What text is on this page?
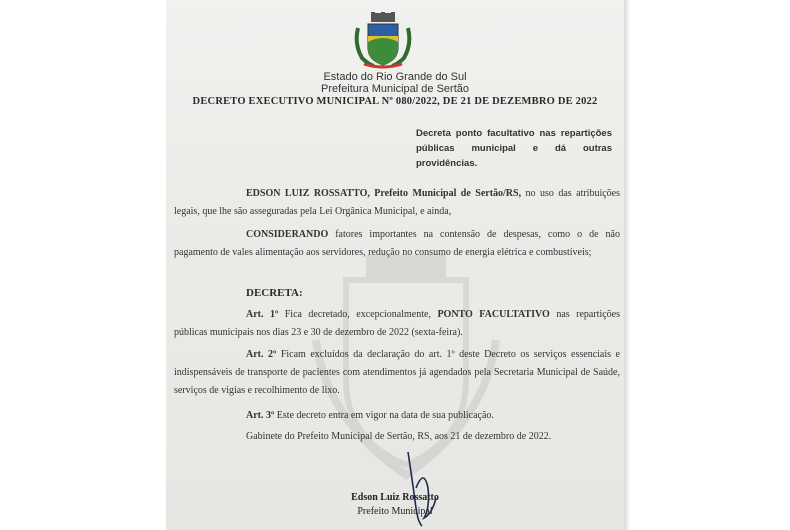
Estado do Rio Grande do Sul
Prefeitura Municipal de Sertão
DECRETO EXECUTIVO MUNICIPAL Nº 080/2022, DE 21 DE DEZEMBRO DE 2022
Decreta ponto facultativo nas repartições públicas municipal e dá outras providências.
EDSON LUIZ ROSSATTO, Prefeito Municipal de Sertão/RS, no uso das atribuições legais, que lhe são asseguradas pela Lei Orgânica Municipal, e ainda,
CONSIDERANDO fatores importantes na contensão de despesas, como o de não pagamento de vales alimentação aos servidores, redução no consumo de energia elétrica e combustíveis;
DECRETA:
Art. 1º Fica decretado, excepcionalmente, PONTO FACULTATIVO nas repartições públicas municipais nos dias 23 e 30 de dezembro de 2022 (sexta-feira).
Art. 2º Ficam excluídos da declaração do art. 1º deste Decreto os serviços essenciais e indispensáveis de transporte de pacientes com atendimentos já agendados pela Secretaria Municipal de Saúde, serviços de vigias e recolhimento de lixo.
Art. 3º Este decreto entra em vigor na data de sua publicação.
Gabinete do Prefeito Municipal de Sertão, RS, aos 21 de dezembro de 2022.
Edson Luiz Rossatto
Prefeito Municipal
